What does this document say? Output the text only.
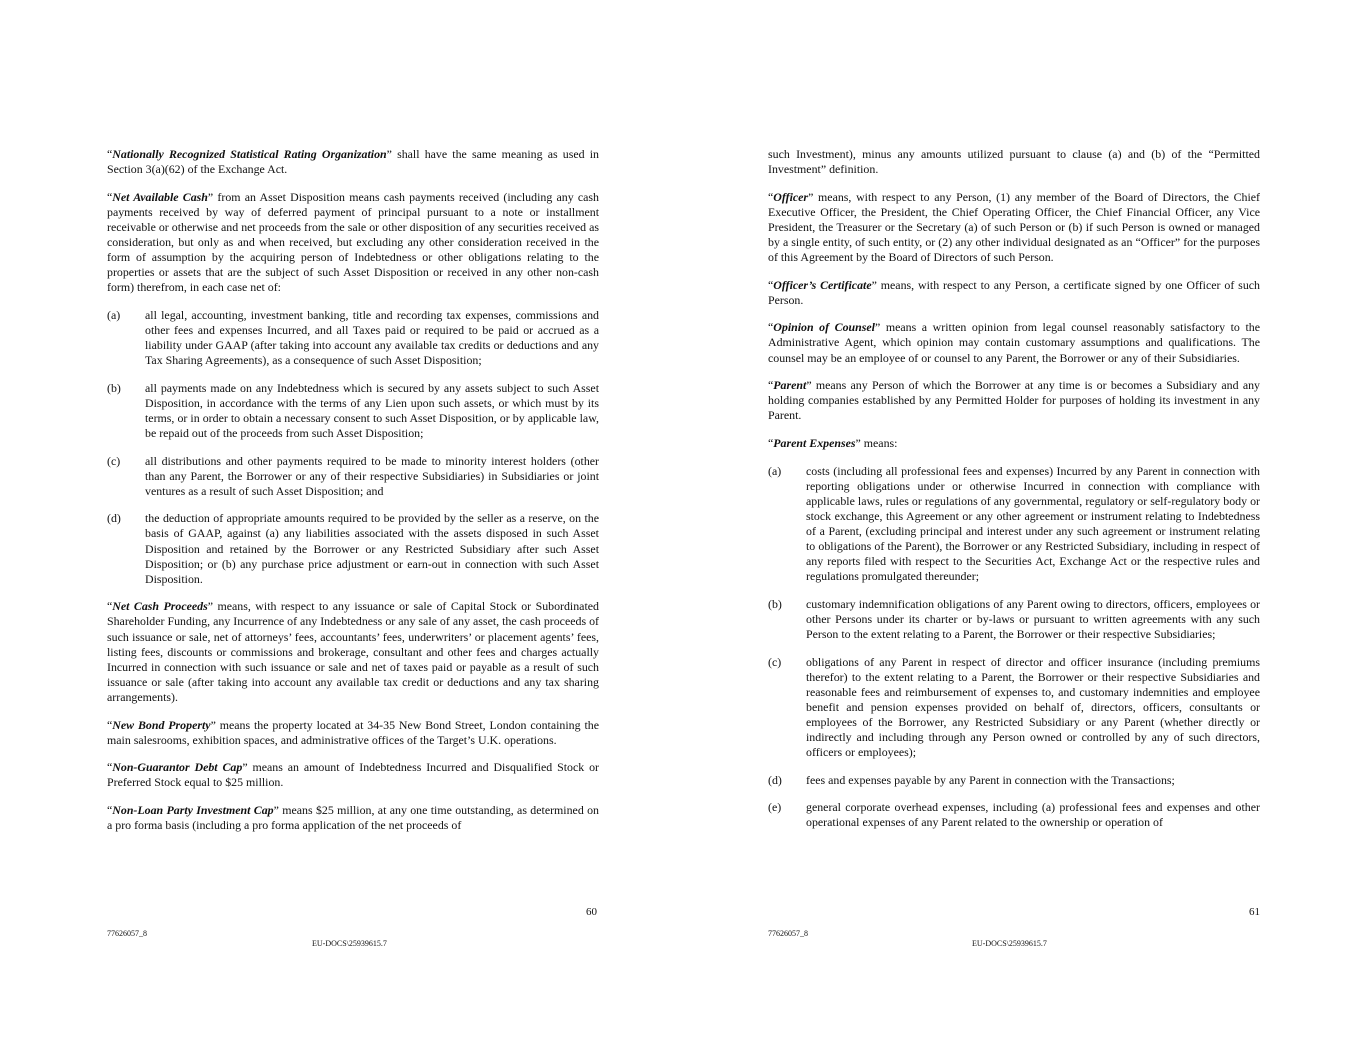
“Nationally Recognized Statistical Rating Organization” shall have the same meaning as used in Section 3(a)(62) of the Exchange Act.

“Net Available Cash” from an Asset Disposition means cash payments received (including any cash payments received by way of deferred payment of principal pursuant to a note or installment receivable or otherwise and net proceeds from the sale or other disposition of any securities received as consideration, but only as and when received, but excluding any other consideration received in the form of assumption by the acquiring person of Indebtedness or other obligations relating to the properties or assets that are the subject of such Asset Disposition or received in any other non-cash form) therefrom, in each case net of:

(a)	all legal, accounting, investment banking, title and recording tax expenses, commissions and other fees and expenses Incurred, and all Taxes paid or required to be paid or accrued as a liability under GAAP (after taking into account any available tax credits or deductions and any Tax Sharing Agreements), as a consequence of such Asset Disposition;
(b)	all payments made on any Indebtedness which is secured by any assets subject to such Asset Disposition, in accordance with the terms of any Lien upon such assets, or which must by its terms, or in order to obtain a necessary consent to such Asset Disposition, or by applicable law, be repaid out of the proceeds from such Asset Disposition;
(c)	all distributions and other payments required to be made to minority interest holders (other than any Parent, the Borrower or any of their respective Subsidiaries) in Subsidiaries or joint ventures as a result of such Asset Disposition; and
(d)	the deduction of appropriate amounts required to be provided by the seller as a reserve, on the basis of GAAP, against (a) any liabilities associated with the assets disposed in such Asset Disposition and retained by the Borrower or any Restricted Subsidiary after such Asset Disposition; or (b) any purchase price adjustment or earn-out in connection with such Asset Disposition.

“Net Cash Proceeds” means, with respect to any issuance or sale of Capital Stock or Subordinated Shareholder Funding, any Incurrence of any Indebtedness or any sale of any asset, the cash proceeds of such issuance or sale, net of attorneys’ fees, accountants’ fees, underwriters’ or placement agents’ fees, listing fees, discounts or commissions and brokerage, consultant and other fees and charges actually Incurred in connection with such issuance or sale and net of taxes paid or payable as a result of such issuance or sale (after taking into account any available tax credit or deductions and any tax sharing arrangements).

“New Bond Property” means the property located at 34-35 New Bond Street, London containing the main salesrooms, exhibition spaces, and administrative offices of the Target’s U.K. operations.

“Non-Guarantor Debt Cap” means an amount of Indebtedness Incurred and Disqualified Stock or Preferred Stock equal to $25 million.

“Non-Loan Party Investment Cap” means $25 million, at any one time outstanding, as determined on a pro forma basis (including a pro forma application of the net proceeds of

60
77626057_8
EU-DOCS\25939615.7

such Investment), minus any amounts utilized pursuant to clause (a) and (b) of the “Permitted Investment” definition.

“Officer” means, with respect to any Person, (1) any member of the Board of Directors, the Chief Executive Officer, the President, the Chief Operating Officer, the Chief Financial Officer, any Vice President, the Treasurer or the Secretary (a) of such Person or (b) if such Person is owned or managed by a single entity, of such entity, or (2) any other individual designated as an “Officer” for the purposes of this Agreement by the Board of Directors of such Person.

“Officer’s Certificate” means, with respect to any Person, a certificate signed by one Officer of such Person.

“Opinion of Counsel” means a written opinion from legal counsel reasonably satisfactory to the Administrative Agent, which opinion may contain customary assumptions and qualifications. The counsel may be an employee of or counsel to any Parent, the Borrower or any of their Subsidiaries.

“Parent” means any Person of which the Borrower at any time is or becomes a Subsidiary and any holding companies established by any Permitted Holder for purposes of holding its investment in any Parent.

“Parent Expenses” means:

(a)	costs (including all professional fees and expenses) Incurred by any Parent in connection with reporting obligations under or otherwise Incurred in connection with compliance with applicable laws, rules or regulations of any governmental, regulatory or self-regulatory body or stock exchange, this Agreement or any other agreement or instrument relating to Indebtedness of a Parent, (excluding principal and interest under any such agreement or instrument relating to obligations of the Parent), the Borrower or any Restricted Subsidiary, including in respect of any reports filed with respect to the Securities Act, Exchange Act or the respective rules and regulations promulgated thereunder;
(b)	customary indemnification obligations of any Parent owing to directors, officers, employees or other Persons under its charter or by-laws or pursuant to written agreements with any such Person to the extent relating to a Parent, the Borrower or their respective Subsidiaries;
(c)	obligations of any Parent in respect of director and officer insurance (including premiums therefor) to the extent relating to a Parent, the Borrower or their respective Subsidiaries and reasonable fees and reimbursement of expenses to, and customary indemnities and employee benefit and pension expenses provided on behalf of, directors, officers, consultants or employees of the Borrower, any Restricted Subsidiary or any Parent (whether directly or indirectly and including through any Person owned or controlled by any of such directors, officers or employees);
(d)	fees and expenses payable by any Parent in connection with the Transactions;
(e)	general corporate overhead expenses, including (a) professional fees and expenses and other operational expenses of any Parent related to the ownership or operation of
61
77626057_8
EU-DOCS\25939615.7
